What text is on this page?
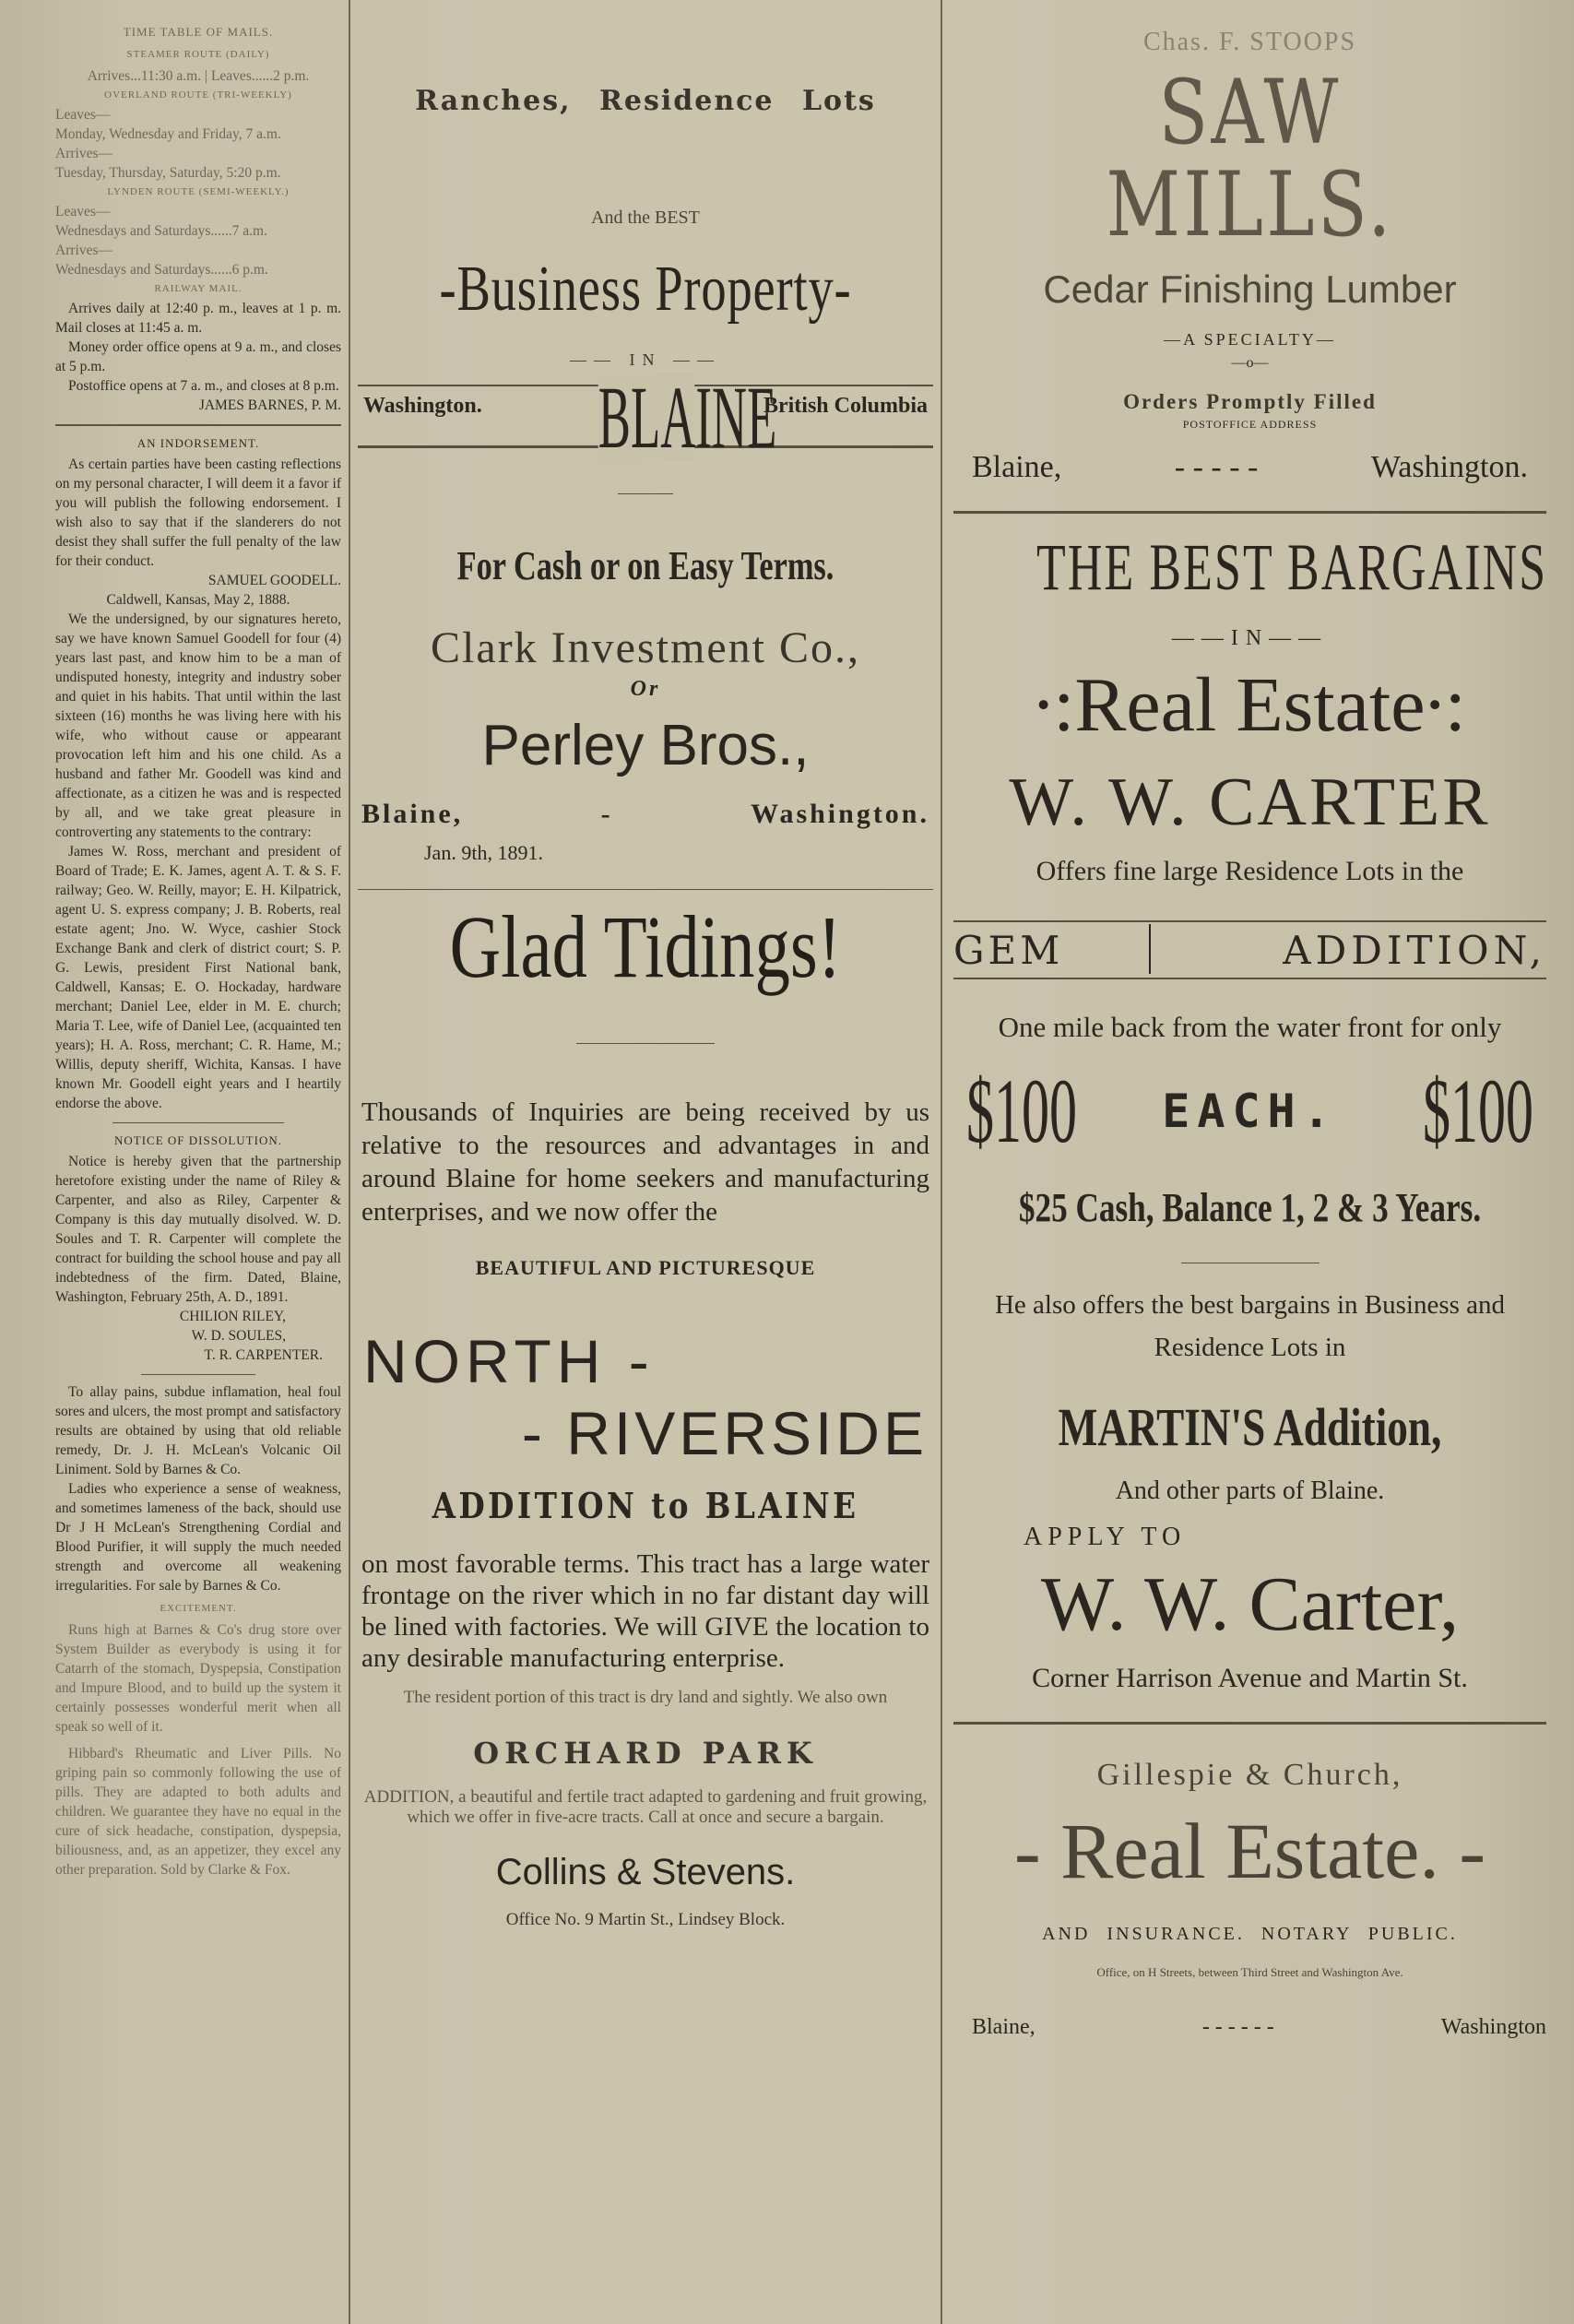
TIME TABLE OF MAILS.

STEAMER ROUTE (DAILY)

Arrives...11:30 a.m. | Leaves......2 p.m.

OVERLAND ROUTE (TRI-WEEKLY)

Leaves—

Monday, Wednesday and Friday, 7 a.m.

Arrives—

Tuesday, Thursday, Saturday, 5:20 p.m.

LYNDEN ROUTE (SEMI-WEEKLY.)

Leaves—

Wednesdays and Saturdays......7 a.m.

Arrives—

Wednesdays and Saturdays......6 p.m.

RAILWAY MAIL.

Arrives daily at 12:40 p. m., leaves at 1 p. m. Mail closes at 11:45 a. m.

Money order office opens at 9 a. m., and closes at 5 p.m.

Postoffice opens at 7 a. m., and closes at 8 p.m.

JAMES BARNES, P. M.

AN INDORSEMENT.

As certain parties have been casting reflections on my personal character, I will deem it a favor if you will publish the following endorsement. I wish also to say that if the slanderers do not desist they shall suffer the full penalty of the law for their conduct.

SAMUEL GOODELL.

Caldwell, Kansas, May 2, 1888.

We the undersigned, by our signatures hereto, say we have known Samuel Goodell for four (4) years last past, and know him to be a man of undisputed honesty, integrity and industry sober and quiet in his habits. That until within the last sixteen (16) months he was living here with his wife, who without cause or appearant provocation left him and his one child. As a husband and father Mr. Goodell was kind and affectionate, as a citizen he was and is respected by all, and we take great pleasure in controverting any statements to the contrary:

James W. Ross, merchant and president of Board of Trade; E. K. James, agent A. T. & S. F. railway; Geo. W. Reilly, mayor; E. H. Kilpatrick, agent U. S. express company; J. B. Roberts, real estate agent; Jno. W. Wyce, cashier Stock Exchange Bank and clerk of district court; S. P. G. Lewis, president First National bank, Caldwell, Kansas; E. O. Hockaday, hardware merchant; Daniel Lee, elder in M. E. church; Maria T. Lee, wife of Daniel Lee, (acquainted ten years); H. A. Ross, merchant; C. R. Hame, M.; Willis, deputy sheriff, Wichita, Kansas. I have known Mr. Goodell eight years and I heartily endorse the above.

NOTICE OF DISSOLUTION.

Notice is hereby given that the partnership heretofore existing under the name of Riley & Carpenter, and also as Riley, Carpenter & Company is this day mutually disolved. W. D. Soules and T. R. Carpenter will complete the contract for building the school house and pay all indebtedness of the firm. Dated, Blaine, Washington, February 25th, A. D., 1891.

CHILION RILEY,

W. D. SOULES,

T. R. CARPENTER.

To allay pains, subdue inflamation, heal foul sores and ulcers, the most prompt and satisfactory results are obtained by using that old reliable remedy, Dr. J. H. McLean's Volcanic Oil Liniment. Sold by Barnes & Co.

Ladies who experience a sense of weakness, and sometimes lameness of the back, should use Dr J H McLean's Strengthening Cordial and Blood Purifier, it will supply the much needed strength and overcome all weakening irregularities. For sale by Barnes & Co.

EXCITEMENT.

Runs high at Barnes & Co's drug store over System Builder as everybody is using it for Catarrh of the stomach, Dyspepsia, Constipation and Impure Blood, and to build up the system it certainly possesses wonderful merit when all speak so well of it.

Hibbard's Rheumatic and Liver Pills. No griping pain so commonly following the use of pills. They are adapted to both adults and children. We guarantee they have no equal in the cure of sick headache, constipation, dyspepsia, biliousness, and, as an appetizer, they excel any other preparation. Sold by Clarke & Fox.

Ranches, Residence Lots
And the BEST
-Business Property-
—— IN ——
Washington. BLAINE
British Columbia
For Cash or on Easy Terms.
Clark Investment Co.,
Or
Perley Bros.,
Blaine,	-	Washington.
Jan. 9th, 1891.
Glad Tidings!
Thousands of Inquiries are being received by us relative to the resources and advantages in and around Blaine for home seekers and manufacturing enterprises, and we now offer the
BEAUTIFUL AND PICTURESQUE
NORTH -
- RIVERSIDE
ADDITION to BLAINE
on most favorable terms. This tract has a large water frontage on the river which in no far distant day will be lined with factories. We will GIVE the location to any desirable manufacturing enterprise.
The resident portion of this tract is dry land and sightly. We also own
ORCHARD PARK
ADDITION, a beautiful and fertile tract adapted to gardening and fruit growing, which we offer in five-acre tracts. Call at once and secure a bargain.
Collins & Stevens.
Office No. 9 Martin St., Lindsey Block.
Chas. F. STOOPS
SAW MILLS.
Cedar Finishing Lumber
—A SPECIALTY—
—o—
Orders Promptly Filled
POSTOFFICE ADDRESS
Blaine,	- - - - -	Washington.
THE BEST BARGAINS
——IN——
∙:Real Estate∙:
W. W. CARTER
Offers fine large Residence Lots in the
GEM	ADDITION,
One mile back from the water front for only
$100	EACH. $100
$25 Cash, Balance 1, 2 & 3 Years.
He also offers the best bargains in Business and Residence Lots in
MARTIN'S Addition,
And other parts of Blaine.
APPLY TO
W. W. Carter,
Corner Harrison Avenue and Martin St.
Gillespie & Church,
- Real Estate. -
AND INSURANCE. NOTARY PUBLIC.
Office, on H Streets, between Third Street and Washington Ave.
Blaine,	- - - - - -	Washington
